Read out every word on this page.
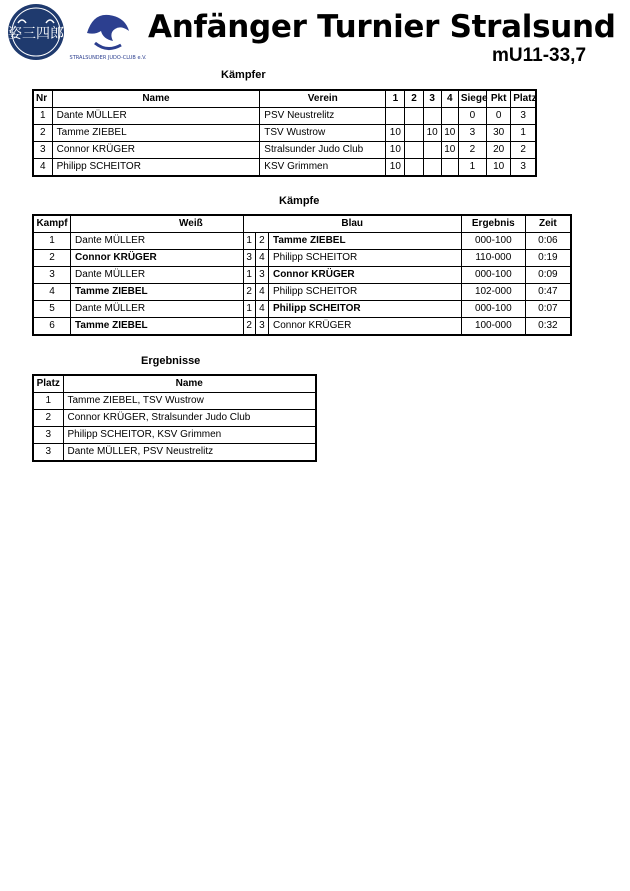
姿三四郎
STRALSUNDER JUDO-CLUB e.V.
Anfänger Turnier Stralsund
mU11-33,7
Kämpfer
Nr	Name	Verein	1	2	3	4	Siege	Pkt	Platz
1	Dante MÜLLER	PSV Neustrelitz					0	0	3
2	Tamme ZIEBEL	TSV Wustrow	10		10	10	3	30	1
3	Connor KRÜGER	Stralsunder Judo Club	10			10	2	20	2
4	Philipp SCHEITOR	KSV Grimmen	10				1	10	3
Kämpfe
Kampf	Weiß	Blau			Ergebnis	Zeit
1	Dante MÜLLER	1	2	Tamme ZIEBEL	000-100	0:06
2	Connor KRÜGER	3	4	Philipp SCHEITOR	110-000	0:19
3	Dante MÜLLER	1	3	Connor KRÜGER	000-100	0:09
4	Tamme ZIEBEL	2	4	Philipp SCHEITOR	102-000	0:47
5	Dante MÜLLER	1	4	Philipp SCHEITOR	000-100	0:07
6	Tamme ZIEBEL	2	3	Connor KRÜGER	100-000	0:32
Ergebnisse
Platz	Name
1	Tamme ZIEBEL, TSV Wustrow
2	Connor KRÜGER, Stralsunder Judo Club
3	Philipp SCHEITOR, KSV Grimmen
3	Dante MÜLLER, PSV Neustrelitz
